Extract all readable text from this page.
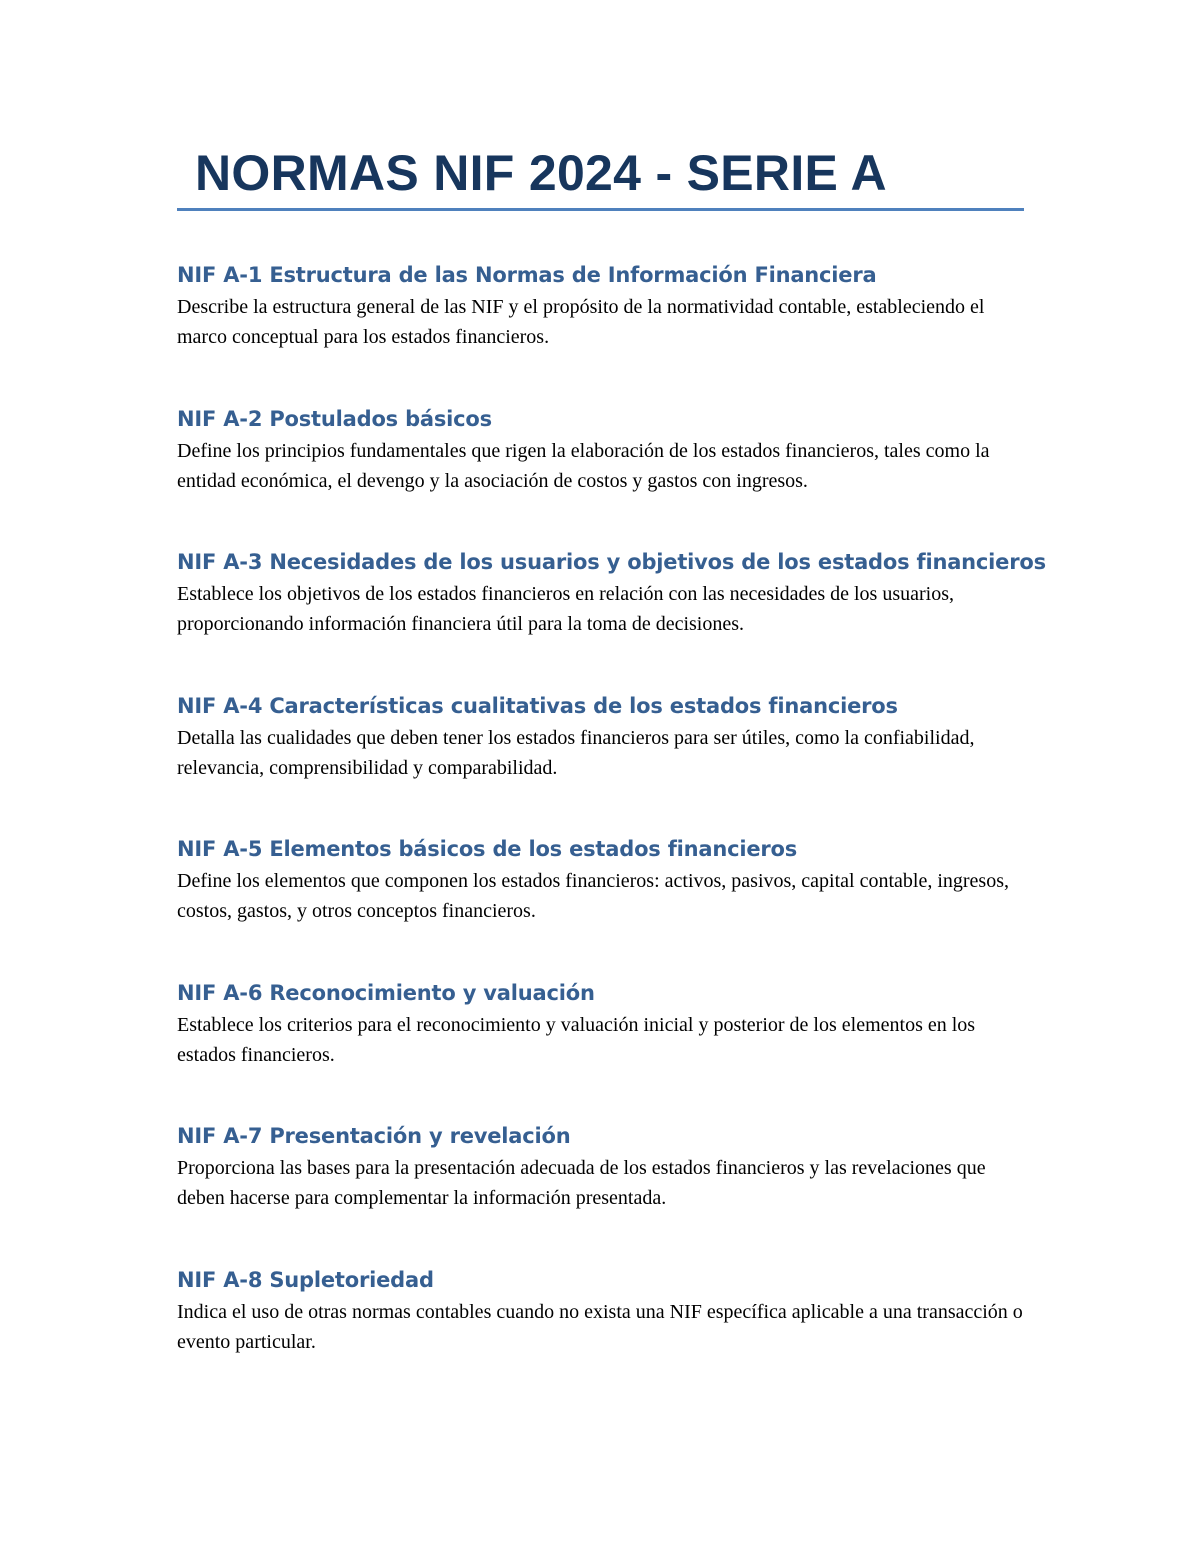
NORMAS NIF 2024 - SERIE A
NIF A-1 Estructura de las Normas de Información Financiera

Describe la estructura general de las NIF y el propósito de la normatividad contable, estableciendo el marco conceptual para los estados financieros.

NIF A-2 Postulados básicos

Define los principios fundamentales que rigen la elaboración de los estados financieros, tales como la entidad económica, el devengo y la asociación de costos y gastos con ingresos.

NIF A-3 Necesidades de los usuarios y objetivos de los estados financieros

Establece los objetivos de los estados financieros en relación con las necesidades de los usuarios, proporcionando información financiera útil para la toma de decisiones.

NIF A-4 Características cualitativas de los estados financieros

Detalla las cualidades que deben tener los estados financieros para ser útiles, como la confiabilidad, relevancia, comprensibilidad y comparabilidad.

NIF A-5 Elementos básicos de los estados financieros

Define los elementos que componen los estados financieros: activos, pasivos, capital contable, ingresos, costos, gastos, y otros conceptos financieros.

NIF A-6 Reconocimiento y valuación

Establece los criterios para el reconocimiento y valuación inicial y posterior de los elementos en los estados financieros.

NIF A-7 Presentación y revelación

Proporciona las bases para la presentación adecuada de los estados financieros y las revelaciones que deben hacerse para complementar la información presentada.

NIF A-8 Supletoriedad

Indica el uso de otras normas contables cuando no exista una NIF específica aplicable a una transacción o evento particular.
